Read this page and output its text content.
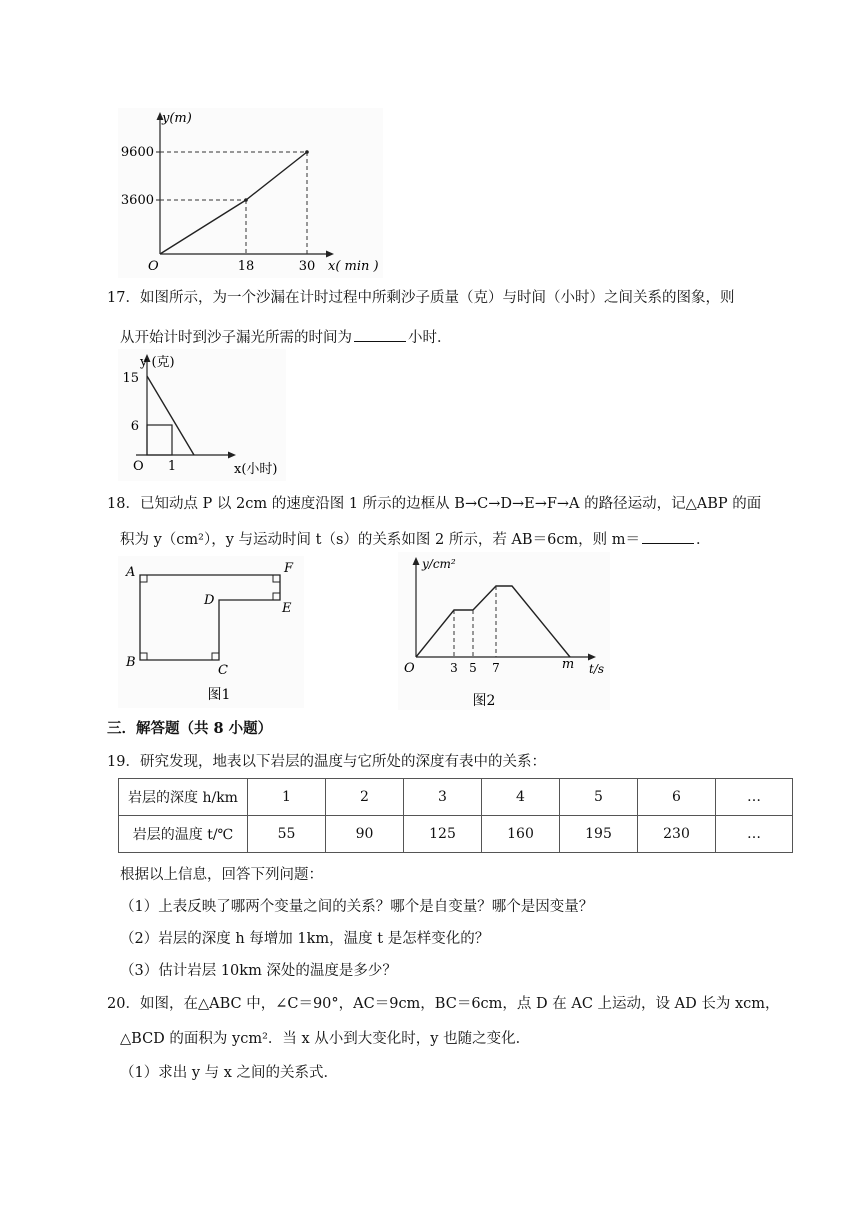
y(m)
9600
3600
O	18	30 x( min )
17．如图所示，为一个沙漏在计时过程中所剩沙子质量（克）与时间（小时）之间关系的图象，则
从开始计时到沙子漏光所需的时间为	小时．
y (克)
15
6
O 1	x(小时)
18．已知动点 P 以 2cm 的速度沿图 1 所示的边框从 B→C→D→E→F→A 的路径运动，记△ABP 的面
积为 y（cm²），y 与运动时间 t（s）的关系如图 2 所示，若 AB＝6cm，则 m＝	．
A	F
D
E
B
C
图1
y/cm²
O	3 5 7	m t/s
图2
三．解答题（共 8 小题）
19．研究发现，地表以下岩层的温度与它所处的深度有表中的关系：
岩层的深度 h/km	1	2	3	4	5	6	…
岩层的温度 t/℃	55	90	125	160	195	230	…
根据以上信息，回答下列问题：
（1）上表反映了哪两个变量之间的关系？哪个是自变量？哪个是因变量？
（2）岩层的深度 h 每增加 1km，温度 t 是怎样变化的？
（3）估计岩层 10km 深处的温度是多少？
20．如图，在△ABC 中，∠C＝90°，AC＝9cm，BC＝6cm，点 D 在 AC 上运动，设 AD 长为 xcm，
△BCD 的面积为 ycm²．当 x 从小到大变化时，y 也随之变化．
（1）求出 y 与 x 之间的关系式．
